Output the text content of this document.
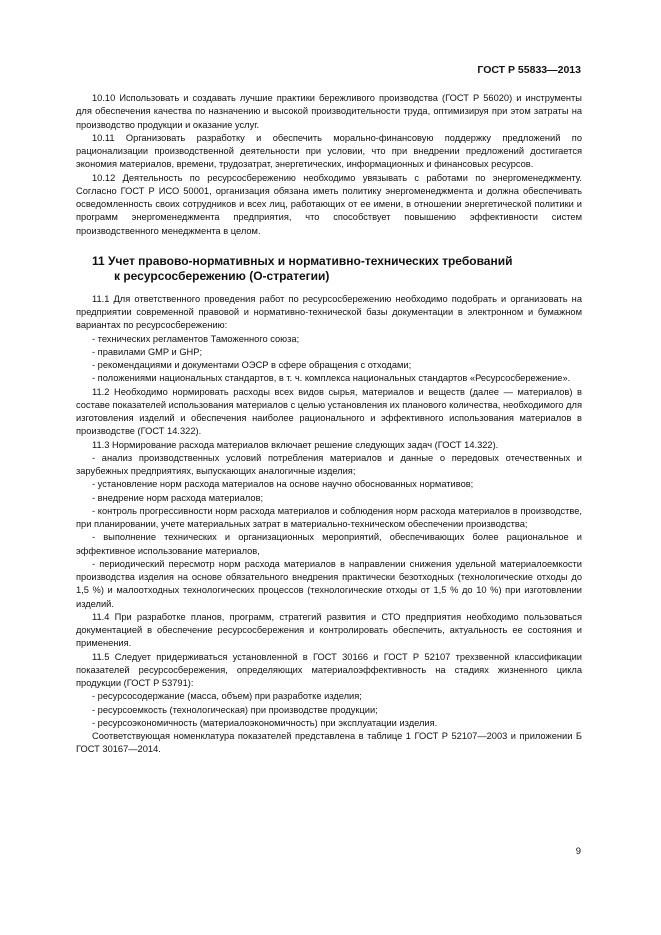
ГОСТ Р 55833—2013

10.10 Использовать и создавать лучшие практики бережливого производства (ГОСТ Р 56020) и инструменты для обеспечения качества по назначению и высокой производительности труда, оптимизируя при этом затраты на производство продукции и оказание услуг.

10.11 Организовать разработку и обеспечить морально-финансовую поддержку предложений по рационализации производственной деятельности при условии, что при внедрении предложений достигается экономия материалов, времени, трудозатрат, энергетических, информационных и финансовых ресурсов.

10.12 Деятельность по ресурсосбережению необходимо увязывать с работами по энергоменеджменту. Согласно ГОСТ Р ИСО 50001, организация обязана иметь политику энергоменеджмента и должна обеспечивать осведомленность своих сотрудников и всех лиц, работающих от ее имени, в отношении энергетической политики и программ энергоменеджмента предприятия, что способствует повышению эффективности систем производственного менеджмента в целом.

11 Учет правово-нормативных и нормативно-технических требований
к ресурсосбережению (О-стратегии)

11.1 Для ответственного проведения работ по ресурсосбережению необходимо подобрать и организовать на предприятии современной правовой и нормативно-технической базы документации в электронном и бумажном вариантах по ресурсосбережению:

- технических регламентов Таможенного союза;

- правилами GMP и GHP;

- рекомендациями и документами ОЭСР в сфере обращения с отходами;

- положениями национальных стандартов, в т. ч. комплекса национальных стандартов «Ресурсосбережение».

11.2 Необходимо нормировать расходы всех видов сырья, материалов и веществ (далее — материалов) в составе показателей использования материалов с целью установления их планового количества, необходимого для изготовления изделий и обеспечения наиболее рационального и эффективного использования материалов в производстве (ГОСТ 14.322).

11.3 Нормирование расхода материалов включает решение следующих задач (ГОСТ 14.322).

- анализ производственных условий потребления материалов и данные о передовых отечественных и зарубежных предприятиях, выпускающих аналогичные изделия;

- установление норм расхода материалов на основе научно обоснованных нормативов;

- внедрение норм расхода материалов;

- контроль прогрессивности норм расхода материалов и соблюдения норм расхода материалов в производстве, при планировании, учете материальных затрат в материально-техническом обеспечении производства;

- выполнение технических и организационных мероприятий, обеспечивающих более рациональное и эффективное использование материалов,

- периодический пересмотр норм расхода материалов в направлении снижения удельной материалоемкости производства изделия на основе обязательного внедрения практически безотходных (технологические отходы до 1,5 %) и малоотходных технологических процессов (технологические отходы от 1,5 % до 10 %) при изготовлении изделий.

11.4 При разработке планов, программ, стратегий развития и СТО предприятия необходимо пользоваться документацией в обеспечение ресурсосбережения и контролировать обеспечить, актуальность ее состояния и применения.

11.5 Следует придерживаться установленной в ГОСТ 30166 и ГОСТ Р 52107 трехзвенной классификации показателей ресурсосбережения, определяющих материалоэффективность на стадиях жизненного цикла продукции (ГОСТ Р 53791):

- ресурсосодержание (масса, объем) при разработке изделия;

- ресурсоемкость (технологическая) при производстве продукции;

- ресурсоэкономичность (материалоэкономичность) при эксплуатации изделия.

Соответствующая номенклатура показателей представлена в таблице 1 ГОСТ Р 52107—2003 и приложении Б ГОСТ 30167—2014.

9
